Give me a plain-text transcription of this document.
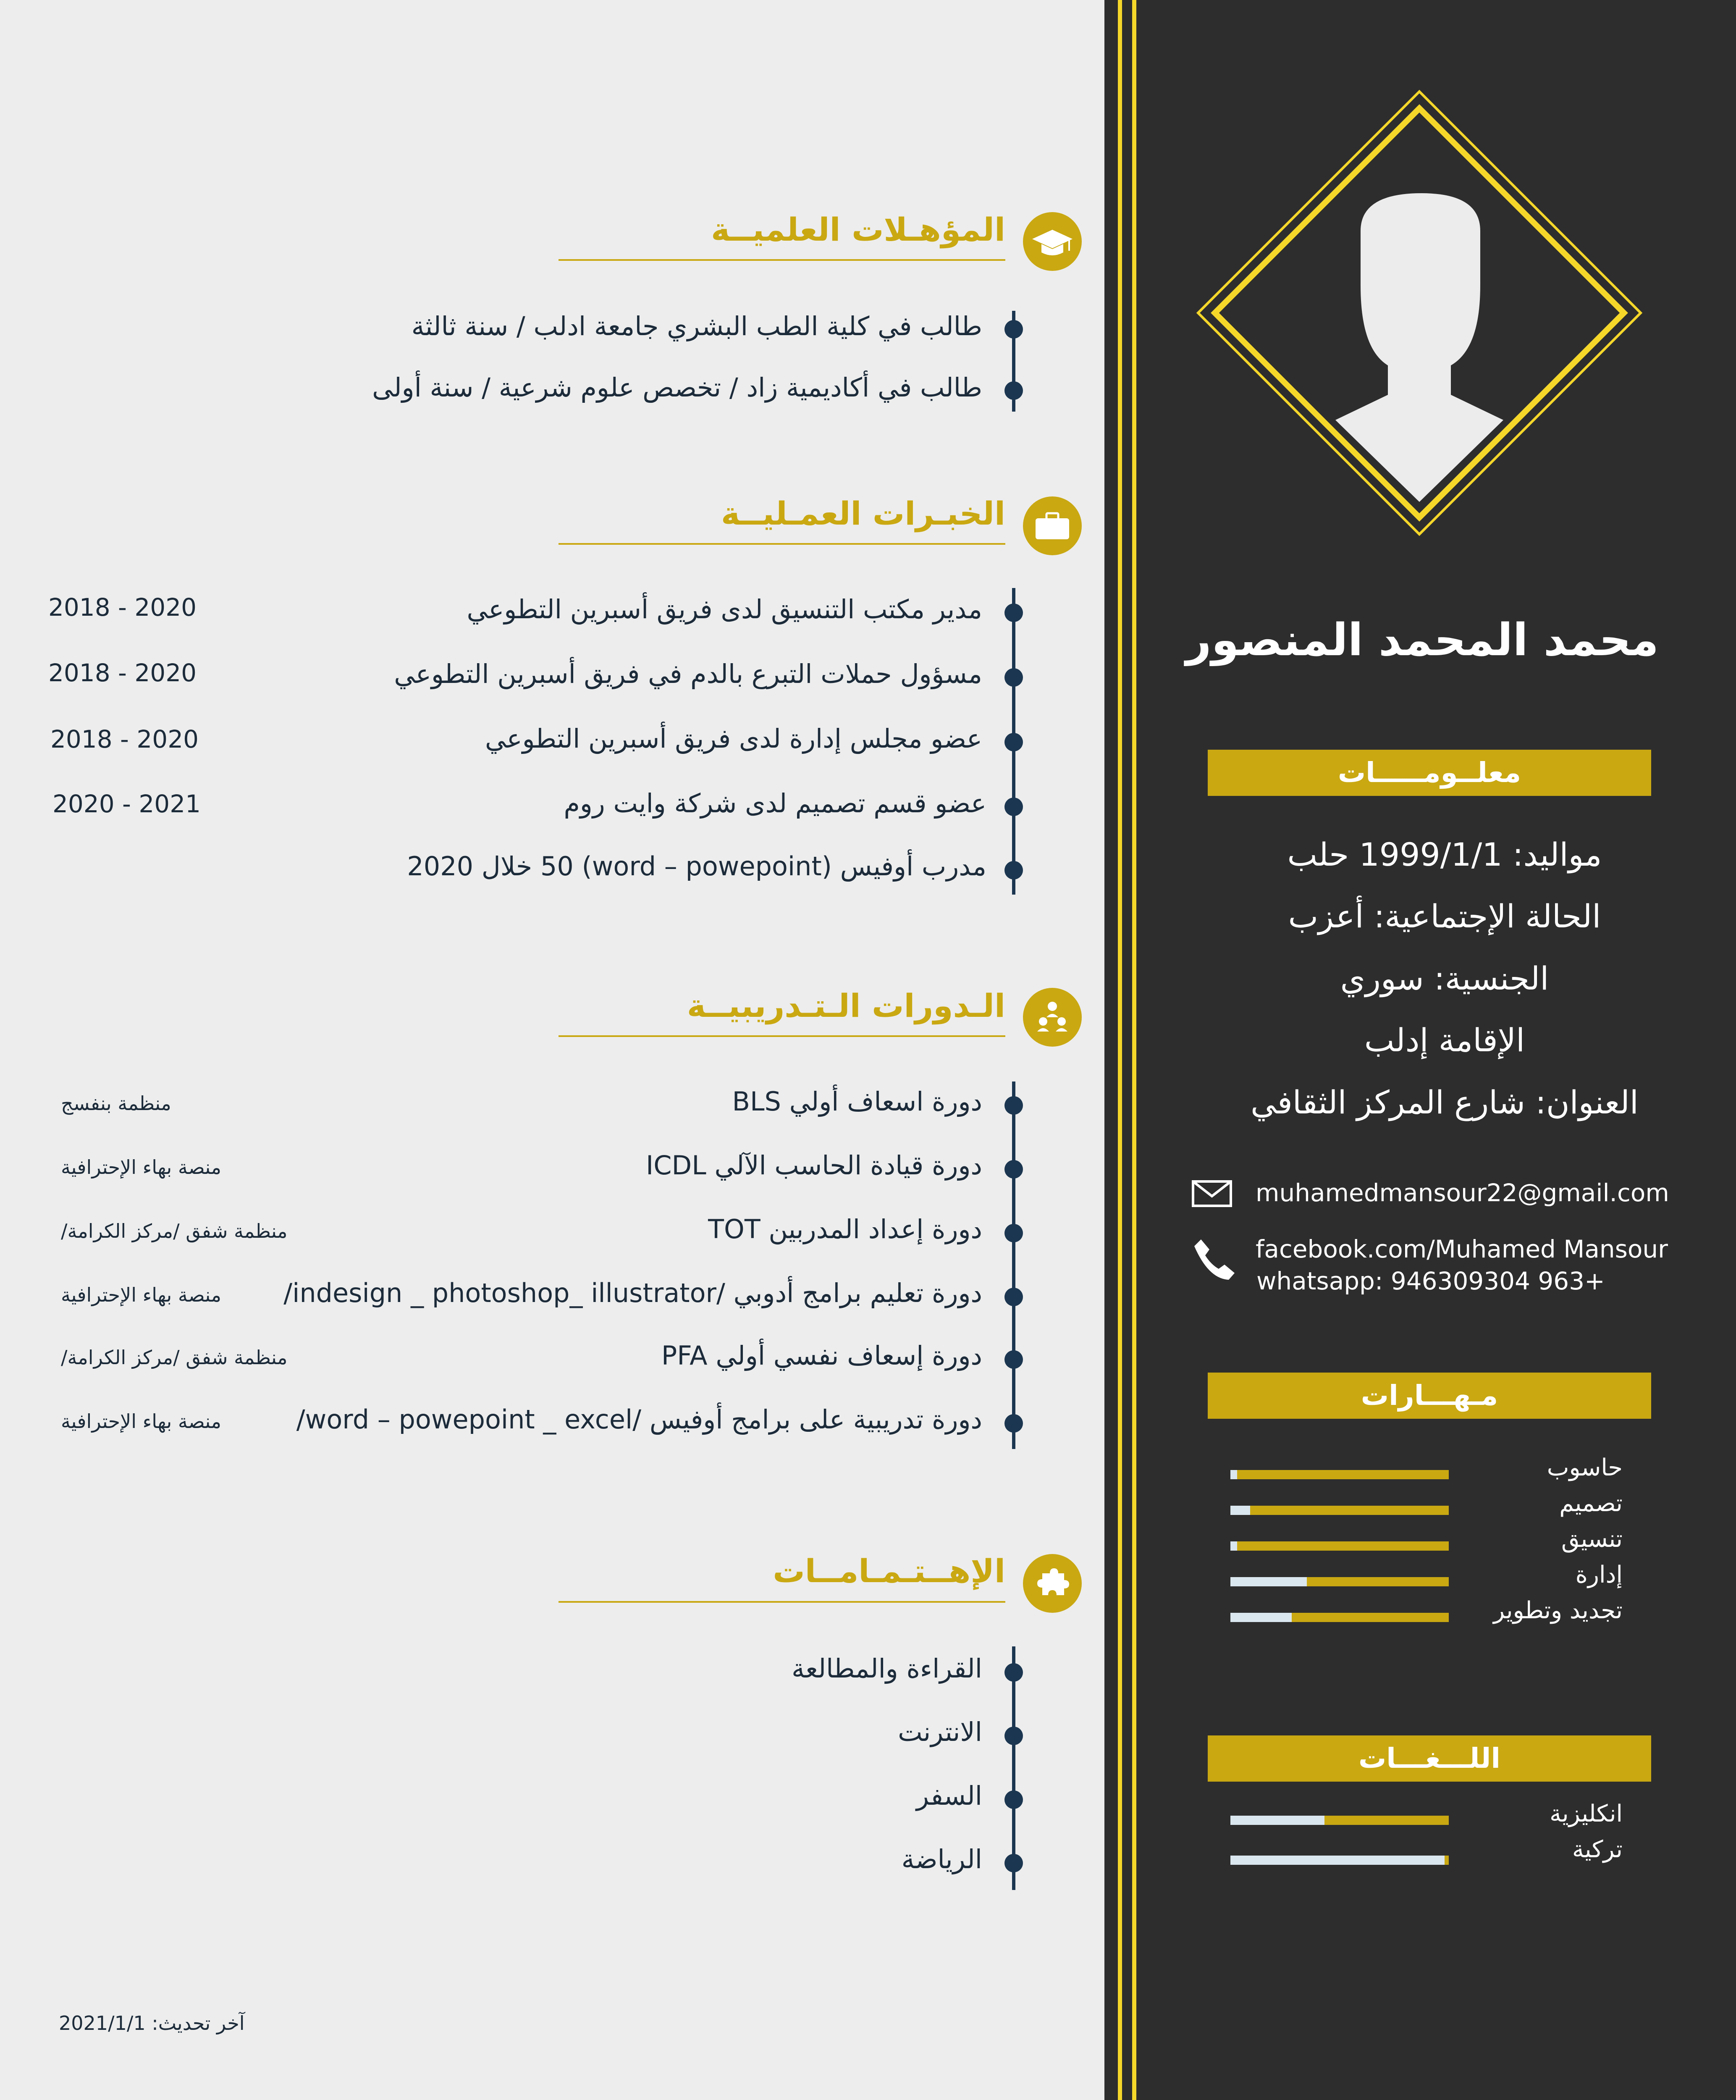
المؤهـلات العلميــة
طالب في كلية الطب البشري جامعة ادلب / سنة ثالثة
طالب في أكاديمية زاد / تخصص علوم شرعية / سنة أولى
الخبـرات العمـليــة
مدير مكتب التنسيق لدى فريق أسبرين التطوعي
مسؤول حملات التبرع بالدم في فريق أسبرين التطوعي
عضو مجلس إدارة لدى فريق أسبرين التطوعي
عضو قسم تصميم لدى شركة وايت روم
مدرب أوفيس (word – powepoint) 50 خلال 2020
2018 - 2020
2018 - 2020
2018 - 2020
2020 - 2021
الـدورات الـتـدريبيــة
دورة اسعاف أولي BLS
دورة قيادة الحاسب الآلي ICDL
دورة إعداد المدربين TOT
دورة تعليم برامج أدوبي /indesign _ photoshop_ illustrator/
دورة إسعاف نفسي أولي PFA
دورة تدريبية على برامج أوفيس /word – powepoint _ excel/
منظمة بنفسج
منصة بهاء الإحترافية
منظمة شفق /مركز الكرامة/
منصة بهاء الإحترافية
منظمة شفق /مركز الكرامة/
منصة بهاء الإحترافية
الإهــتـمـامــات
القراءة والمطالعة
الانترنت
السفر
الرياضة
آخر تحديث: 2021/1/1
محمد المحمد المنصور
معلــومـــــات
مواليد: 1999/1/1 حلب
الحالة الإجتماعية: أعزب
الجنسية: سوري
الإقامة إدلب
العنوان: شارع المركز الثقافي
muhamedmansour22@gmail.com
facebook.com/Muhamed Mansour
whatsapp: 946309304 963+
مـهـــارات
حاسوب
تصميم
تنسيق
إدارة
تجديد وتطوير
اللـــغـــات
انكليزية
تركية
